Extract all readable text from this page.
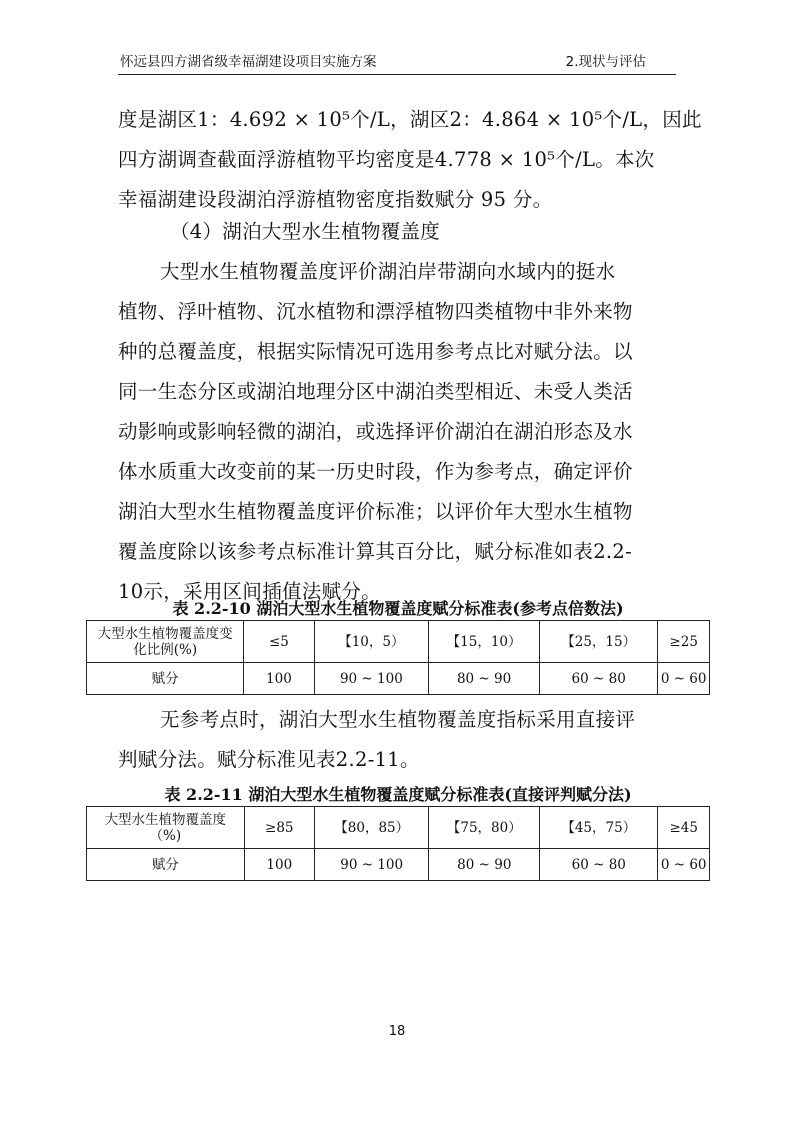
怀远县四方湖省级幸福湖建设项目实施方案	2.现状与评估
度是湖区1：4.692 × 10⁵个/L，湖区2：4.864 × 10⁵个/L，因此
四方湖调查截面浮游植物平均密度是4.778 × 10⁵个/L。本次
幸福湖建设段湖泊浮游植物密度指数赋分 95 分。
（4）湖泊大型水生植物覆盖度
大型水生植物覆盖度评价湖泊岸带湖向水域内的挺水
植物、浮叶植物、沉水植物和漂浮植物四类植物中非外来物
种的总覆盖度，根据实际情况可选用参考点比对赋分法。以
同一生态分区或湖泊地理分区中湖泊类型相近、未受人类活
动影响或影响轻微的湖泊，或选择评价湖泊在湖泊形态及水
体水质重大改变前的某一历史时段，作为参考点，确定评价
湖泊大型水生植物覆盖度评价标准；以评价年大型水生植物
覆盖度除以该参考点标准计算其百分比，赋分标准如表2.2-
10示，采用区间插值法赋分。
表 2.2-10 湖泊大型水生植物覆盖度赋分标准表(参考点倍数法)
大型水生植物覆盖度变化比例(%)	≤5	【10，5）	【15，10）	【25，15）	≥25
赋分	100	90 ~ 100	80 ~ 90	60 ~ 80	0 ~ 60
无参考点时，湖泊大型水生植物覆盖度指标采用直接评
判赋分法。赋分标准见表2.2-11。
表 2.2-11 湖泊大型水生植物覆盖度赋分标准表(直接评判赋分法)
大型水生植物覆盖度（%)	≥85	【80，85）	【75，80）	【45，75）	≥45
赋分	100	90 ~ 100	80 ~ 90	60 ~ 80	0 ~ 60
18
